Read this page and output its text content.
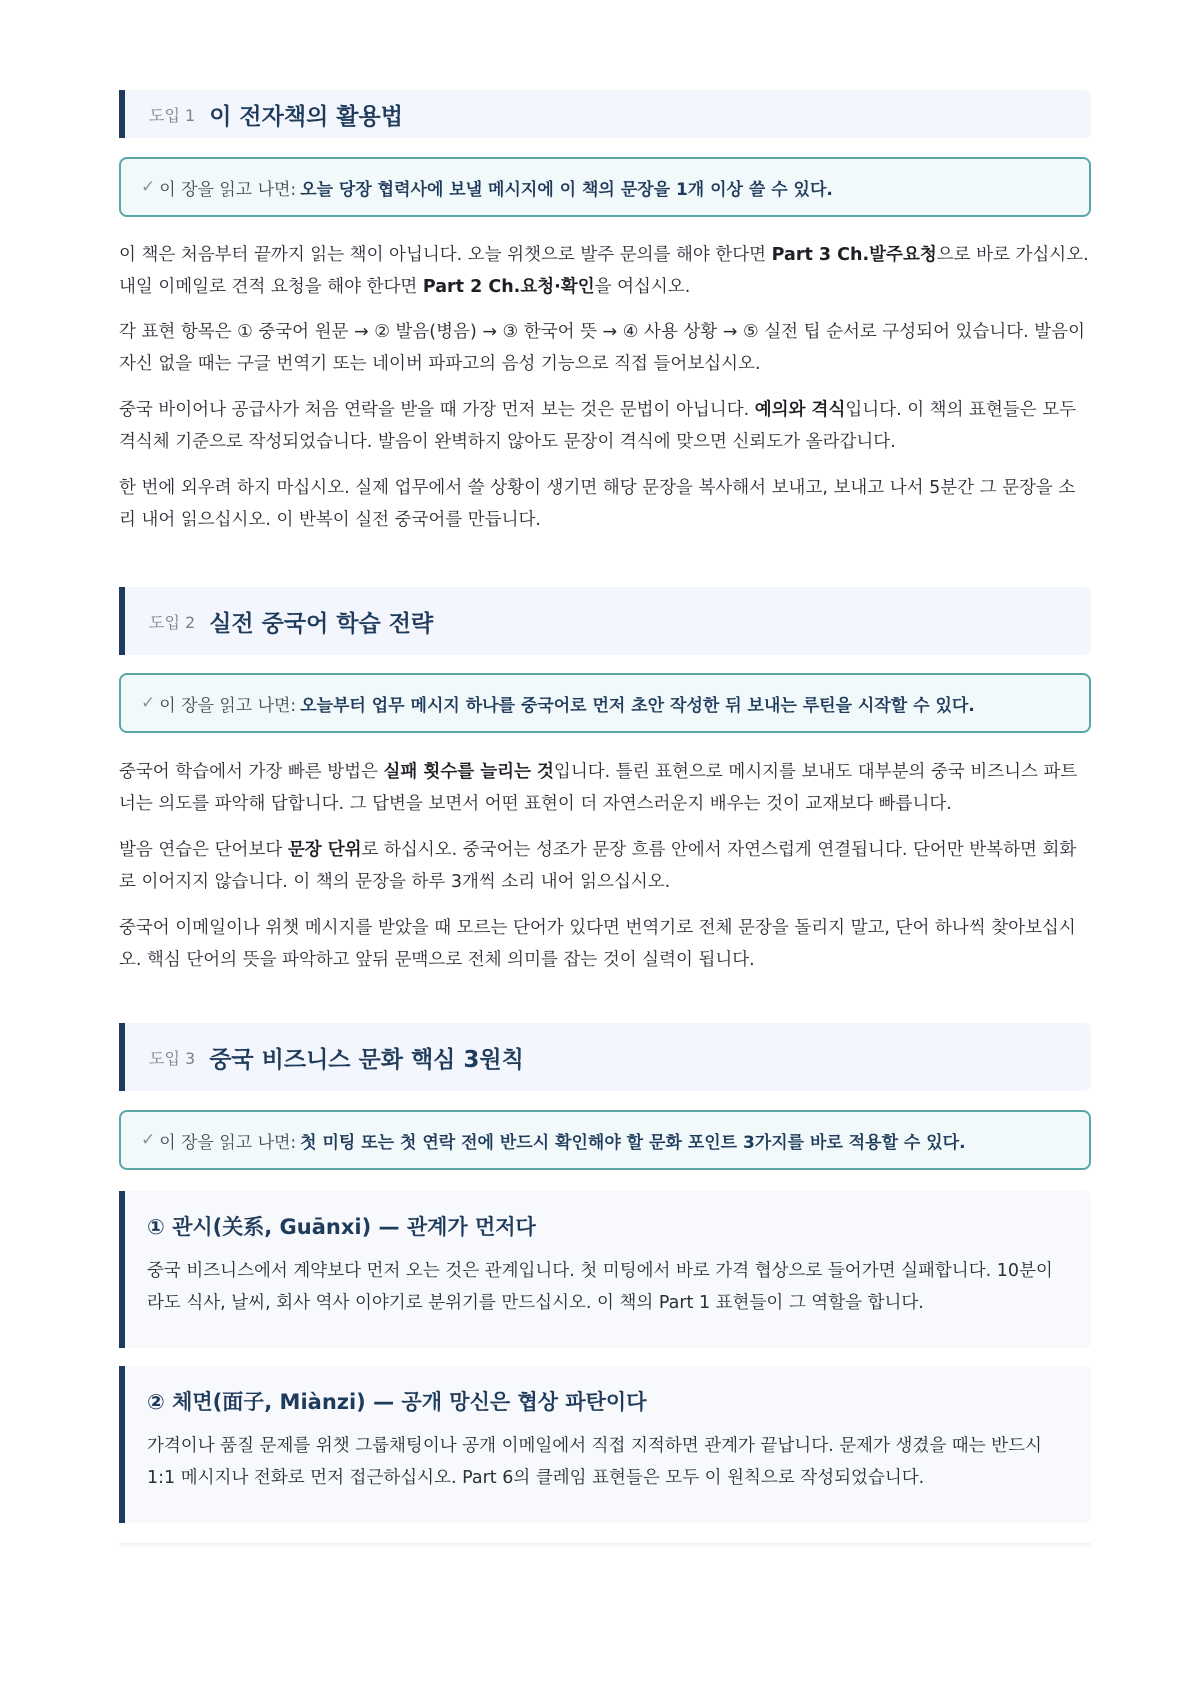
도입 1 이 전자책의 활용법
✓ 이 장을 읽고 나면: 오늘 당장 협력사에 보낼 메시지에 이 책의 문장을 1개 이상 쓸 수 있다.

이 책은 처음부터 끝까지 읽는 책이 아닙니다. 오늘 위챗으로 발주 문의를 해야 한다면 Part 3 Ch.발주요청으로 바로 가십시오. 내일 이메일로 견적 요청을 해야 한다면 Part 2 Ch.요청·확인을 여십시오.

각 표현 항목은 ① 중국어 원문 → ② 발음(병음) → ③ 한국어 뜻 → ④ 사용 상황 → ⑤ 실전 팁 순서로 구성되어 있습니다. 발음이 자신 없을 때는 구글 번역기 또는 네이버 파파고의 음성 기능으로 직접 들어보십시오.

중국 바이어나 공급사가 처음 연락을 받을 때 가장 먼저 보는 것은 문법이 아닙니다. 예의와 격식입니다. 이 책의 표현들은 모두 격식체 기준으로 작성되었습니다. 발음이 완벽하지 않아도 문장이 격식에 맞으면 신뢰도가 올라갑니다.

한 번에 외우려 하지 마십시오. 실제 업무에서 쓸 상황이 생기면 해당 문장을 복사해서 보내고, 보내고 나서 5분간 그 문장을 소리 내어 읽으십시오. 이 반복이 실전 중국어를 만듭니다.

도입 2 실전 중국어 학습 전략
✓ 이 장을 읽고 나면: 오늘부터 업무 메시지 하나를 중국어로 먼저 초안 작성한 뒤 보내는 루틴을 시작할 수 있다.

중국어 학습에서 가장 빠른 방법은 실패 횟수를 늘리는 것입니다. 틀린 표현으로 메시지를 보내도 대부분의 중국 비즈니스 파트너는 의도를 파악해 답합니다. 그 답변을 보면서 어떤 표현이 더 자연스러운지 배우는 것이 교재보다 빠릅니다.

발음 연습은 단어보다 문장 단위로 하십시오. 중국어는 성조가 문장 흐름 안에서 자연스럽게 연결됩니다. 단어만 반복하면 회화로 이어지지 않습니다. 이 책의 문장을 하루 3개씩 소리 내어 읽으십시오.

중국어 이메일이나 위챗 메시지를 받았을 때 모르는 단어가 있다면 번역기로 전체 문장을 돌리지 말고, 단어 하나씩 찾아보십시오. 핵심 단어의 뜻을 파악하고 앞뒤 문맥으로 전체 의미를 잡는 것이 실력이 됩니다.

도입 3 중국 비즈니스 문화 핵심 3원칙
✓ 이 장을 읽고 나면: 첫 미팅 또는 첫 연락 전에 반드시 확인해야 할 문화 포인트 3가지를 바로 적용할 수 있다.

① 관시(关系, Guānxi) — 관계가 먼저다

중국 비즈니스에서 계약보다 먼저 오는 것은 관계입니다. 첫 미팅에서 바로 가격 협상으로 들어가면 실패합니다. 10분이라도 식사, 날씨, 회사 역사 이야기로 분위기를 만드십시오. 이 책의 Part 1 표현들이 그 역할을 합니다.

② 체면(面子, Miànzi) — 공개 망신은 협상 파탄이다

가격이나 품질 문제를 위챗 그룹채팅이나 공개 이메일에서 직접 지적하면 관계가 끝납니다. 문제가 생겼을 때는 반드시 1:1 메시지나 전화로 먼저 접근하십시오. Part 6의 클레임 표현들은 모두 이 원칙으로 작성되었습니다.
